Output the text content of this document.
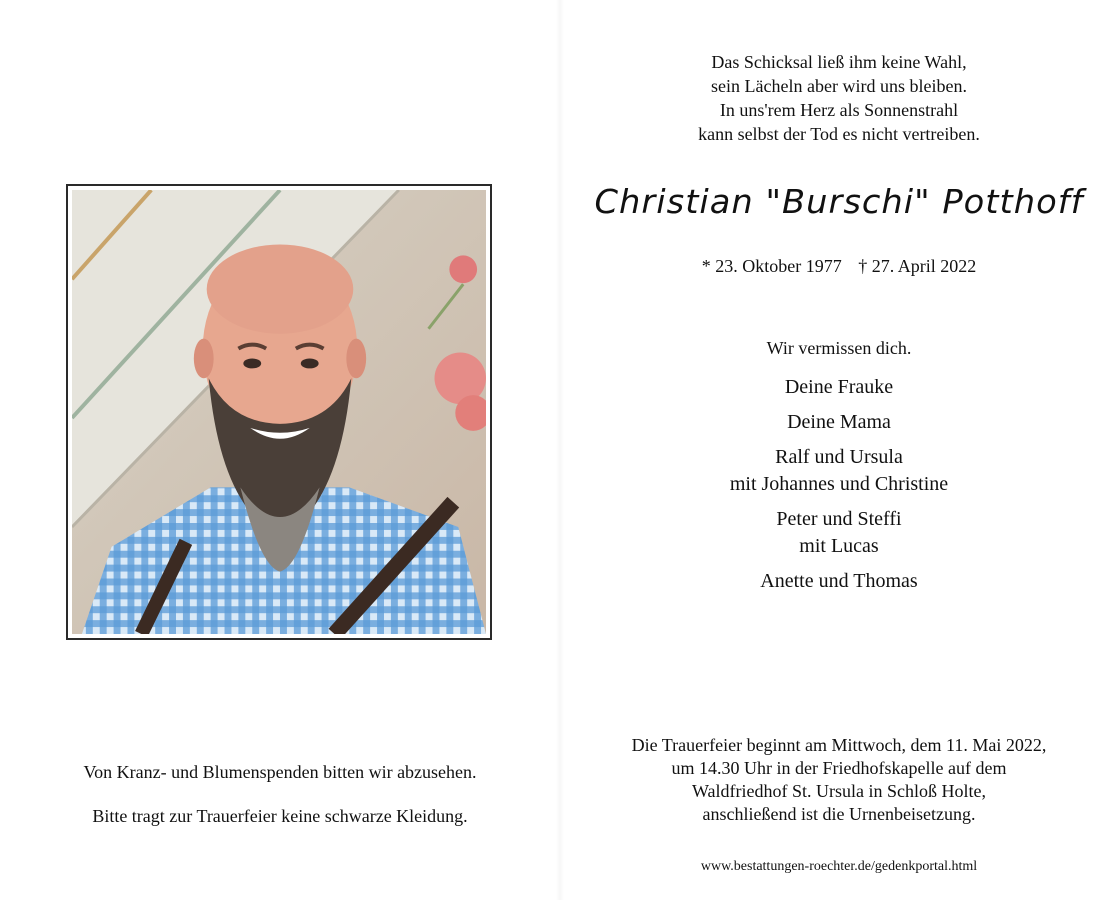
Von Kranz- und Blumenspenden bitten wir abzusehen.
Bitte tragt zur Trauerfeier keine schwarze Kleidung.
Das Schicksal ließ ihm keine Wahl,
sein Lächeln aber wird uns bleiben.
In uns'rem Herz als Sonnenstrahl
kann selbst der Tod es nicht vertreiben.
Christian "Burschi" Potthoff
* 23. Oktober 1977 † 27. April 2022
Wir vermissen dich.
Deine Frauke
Deine Mama
Ralf und Ursula
mit Johannes und Christine
Peter und Steffi
mit Lucas
Anette und Thomas
Die Trauerfeier beginnt am Mittwoch, dem 11. Mai 2022,
um 14.30 Uhr in der Friedhofskapelle auf dem
Waldfriedhof St. Ursula in Schloß Holte,
anschließend ist die Urnenbeisetzung.
www.bestattungen-roechter.de/gedenkportal.html
